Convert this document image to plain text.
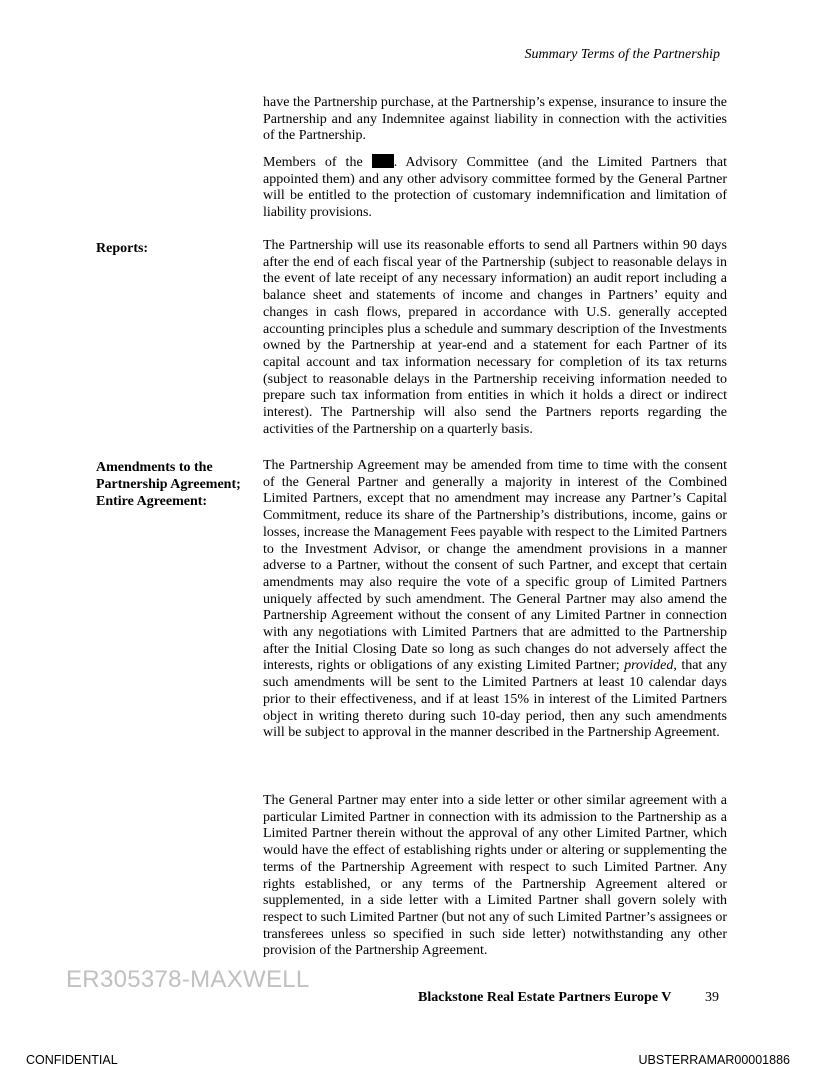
Summary Terms of the Partnership

have the Partnership purchase, at the Partnership’s expense, insurance to insure the Partnership and any Indemnitee against liability in connection with the activities of the Partnership.

Members of the . Advisory Committee (and the Limited Partners that appointed them) and any other advisory committee formed by the General Partner will be entitled to the protection of customary indemnification and limitation of liability provisions.

Reports:	The Partnership will use its reasonable efforts to send all Partners within 90 days after the end of each fiscal year of the Partnership (subject to reasonable delays in the event of late receipt of any necessary information) an audit report including a balance sheet and statements of income and changes in Partners’ equity and changes in cash flows, prepared in accordance with U.S. generally accepted accounting principles plus a schedule and summary description of the Investments owned by the Partnership at year-end and a statement for each Partner of its capital account and tax information necessary for completion of its tax returns (subject to reasonable delays in the Partnership receiving information needed to prepare such tax information from entities in which it holds a direct or indirect interest). The Partnership will also send the Partners reports regarding the activities of the Partnership on a quarterly basis.

Amendments to the
Partnership Agreement;
Entire Agreement:

The Partnership Agreement may be amended from time to time with the consent of the General Partner and generally a majority in interest of the Combined Limited Partners, except that no amendment may increase any Partner’s Capital Commitment, reduce its share of the Partnership’s distributions, income, gains or losses, increase the Management Fees payable with respect to the Limited Partners to the Investment Advisor, or change the amendment provisions in a manner adverse to a Partner, without the consent of such Partner, and except that certain amendments may also require the vote of a specific group of Limited Partners uniquely affected by such amendment. The General Partner may also amend the Partnership Agreement without the consent of any Limited Partner in connection with any negotiations with Limited Partners that are admitted to the Partnership after the Initial Closing Date so long as such changes do not adversely affect the interests, rights or obligations of any existing Limited Partner; provided, that any such amendments will be sent to the Limited Partners at least 10 calendar days prior to their effectiveness, and if at least 15% in interest of the Limited Partners object in writing thereto during such 10-day period, then any such amendments will be subject to approval in the manner described in the Partnership Agreement.

The General Partner may enter into a side letter or other similar agreement with a particular Limited Partner in connection with its admission to the Partnership as a Limited Partner therein without the approval of any other Limited Partner, which would have the effect of establishing rights under or altering or supplementing the terms of the Partnership Agreement with respect to such Limited Partner. Any rights established, or any terms of the Partnership Agreement altered or supplemented, in a side letter with a Limited Partner shall govern solely with respect to such Limited Partner (but not any of such Limited Partner’s assignees or transferees unless so specified in such side letter) notwithstanding any other provision of the Partnership Agreement.

ER305378-MAXWELL
Blackstone Real Estate Partners Europe V 39
CONFIDENTIAL	UBSTERRAMAR00001886
